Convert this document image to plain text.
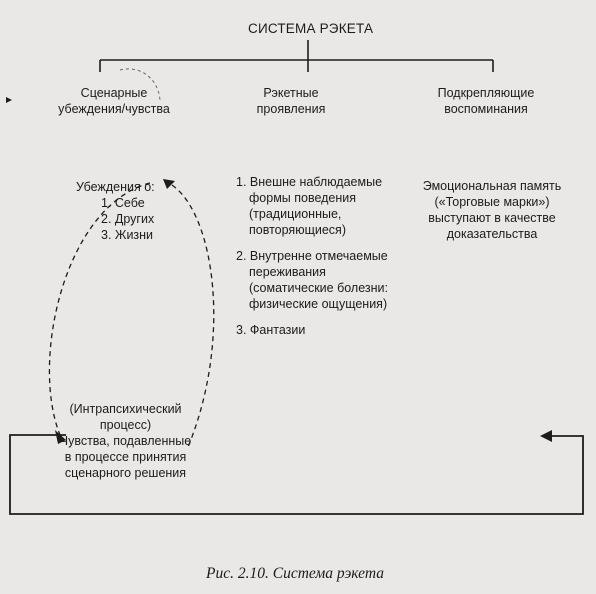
СИСТЕМА РЭКЕТА
Сценарные
убеждения/чувства
Рэкетные
проявления
Подкрепляющие
воспоминания
Убеждения о:
1. Себе
2. Других
3. Жизни
1. Внешне наблюдаемые
формы поведения
(традиционные,
повторяющиеся)
2. Внутренне отмечаемые
переживания
(соматические болезни:
физические ощущения)
3. Фантазии
Эмоциональная память
(«Торговые марки»)
выступают в качестве
доказательства
(Интрапсихический
процесс)
Чувства, подавленные
в процессе принятия
сценарного решения
Рис. 2.10. Система рэкета
